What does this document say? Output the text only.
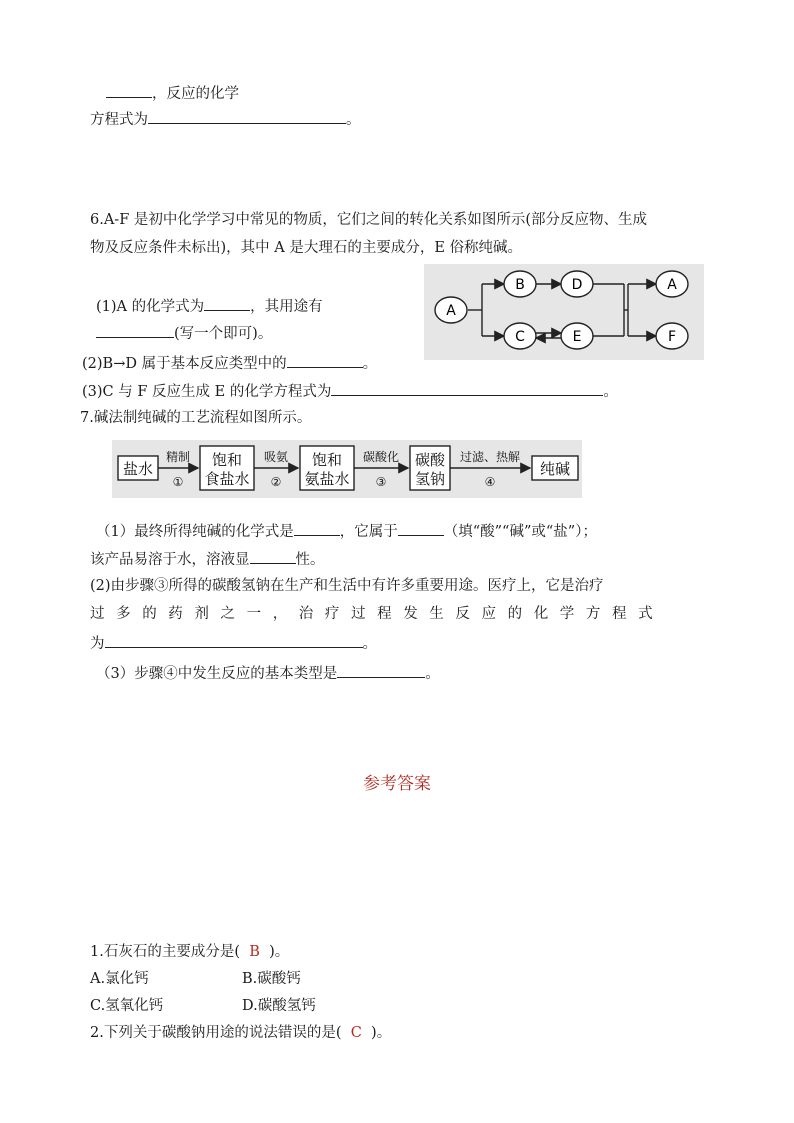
，反应的化学
方程式为	。
6.A-F 是初中化学学习中常见的物质，它们之间的转化关系如图所示(部分反应物、生成
物及反应条件未标出)，其中 A 是大理石的主要成分，E 俗称纯碱。
(1)A 的化学式为	，其用途有
(写一个即可)。
(2)B→D 属于基本反应类型中的	。
(3)C 与 F 反应生成 E 的化学方程式为	。
A
B	D
C	E
A
F
7.碱法制纯碱的工艺流程如图所示。
盐水	饱和
食盐水
饱和
氨盐水
碳酸
氢钠
纯碱
精制
①
吸氨
②
碳酸化
③
过滤、热解
④
（1）最终所得纯碱的化学式是	，它属于	（填“酸”“碱”或“盐”）；
该产品易溶于水，溶液显	性。
(2)由步骤③所得的碳酸氢钠在生产和生活中有许多重要用途。医疗上，它是治疗
过多的药剂之一，治疗过程发生反应的化学方程式
为	。
（3）步骤④中发生反应的基本类型是	。
参考答案
1.石灰石的主要成分是( B )。
A.氯化钙	B.碳酸钙
C.氢氧化钙	D.碳酸氢钙
2.下列关于碳酸钠用途的说法错误的是( C )。
